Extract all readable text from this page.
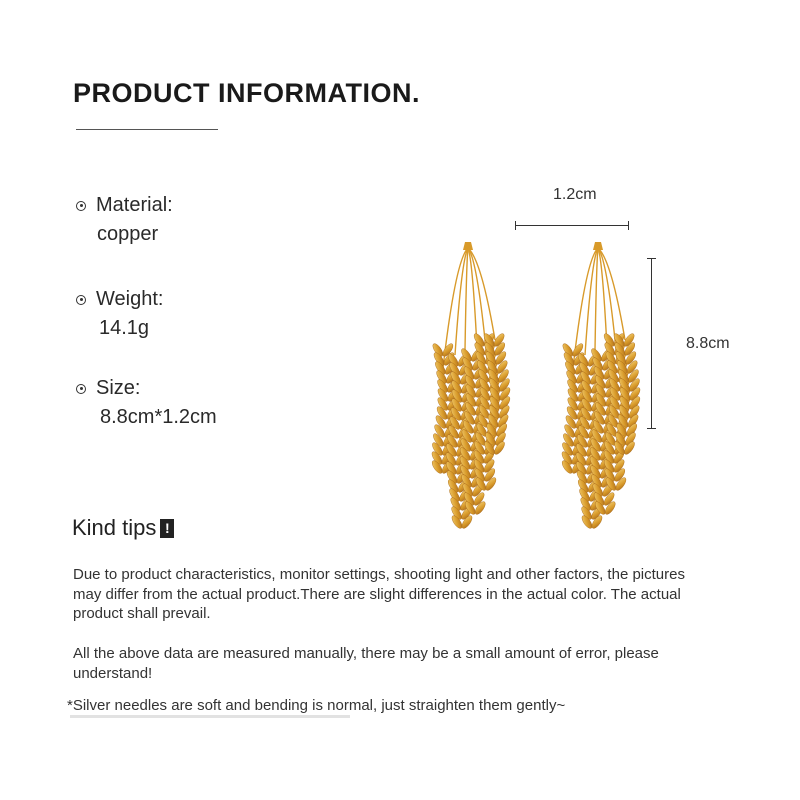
PRODUCT INFORMATION.
Material:
copper
Weight:
14.1g
Size:
8.8cm*1.2cm
1.2cm
8.8cm
Kind tips !
Due to product characteristics, monitor settings, shooting light and other factors, the pictures may differ from the actual product.There are slight differences in the actual color. The actual product shall prevail.
All the above data are measured manually, there may be a small amount of error, please understand!
*Silver needles are soft and bending is normal, just straighten them gently~
